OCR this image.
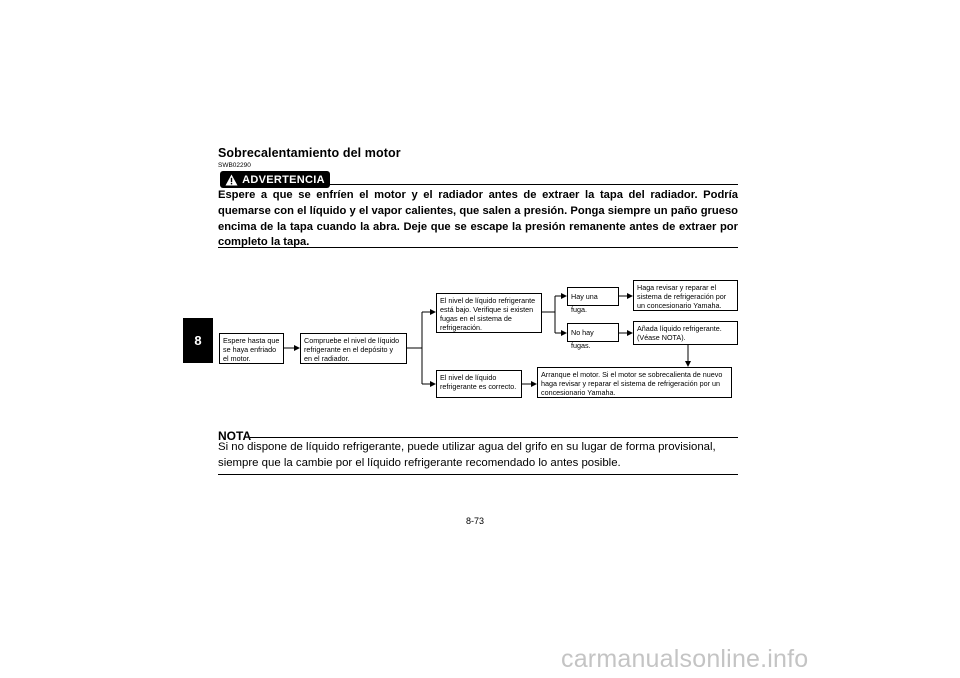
8
Sobrecalentamiento del motor
SWB02290
ADVERTENCIA
Espere a que se enfríen el motor y el radiador antes de extraer la tapa del radiador. Podría quemarse con el líquido y el vapor calientes, que salen a presión. Ponga siempre un paño grueso encima de la tapa cuando la abra. Deje que se escape la presión remanente antes de extraer por completo la tapa.
Espere hasta que se haya enfriado el motor.
Compruebe el nivel de líquido refrigerante en el depósito y en el radiador.
El nivel de líquido refrigerante está bajo. Verifique si existen fugas en el sistema de refrigeración.
El nivel de líquido refrigerante es correcto.
Hay una fuga.
No hay fugas.
Haga revisar y reparar el sistema de refrigeración por un concesionario Yamaha.
Añada líquido refrigerante. (Véase NOTA).
Arranque el motor. Si el motor se sobrecalienta de nuevo haga revisar y reparar el sistema de refrigeración por un concesionario Yamaha.
NOTA
Si no dispone de líquido refrigerante, puede utilizar agua del grifo en su lugar de forma provisional, siempre que la cambie por el líquido refrigerante recomendado lo antes posible.
8-73
carmanualsonline.info
